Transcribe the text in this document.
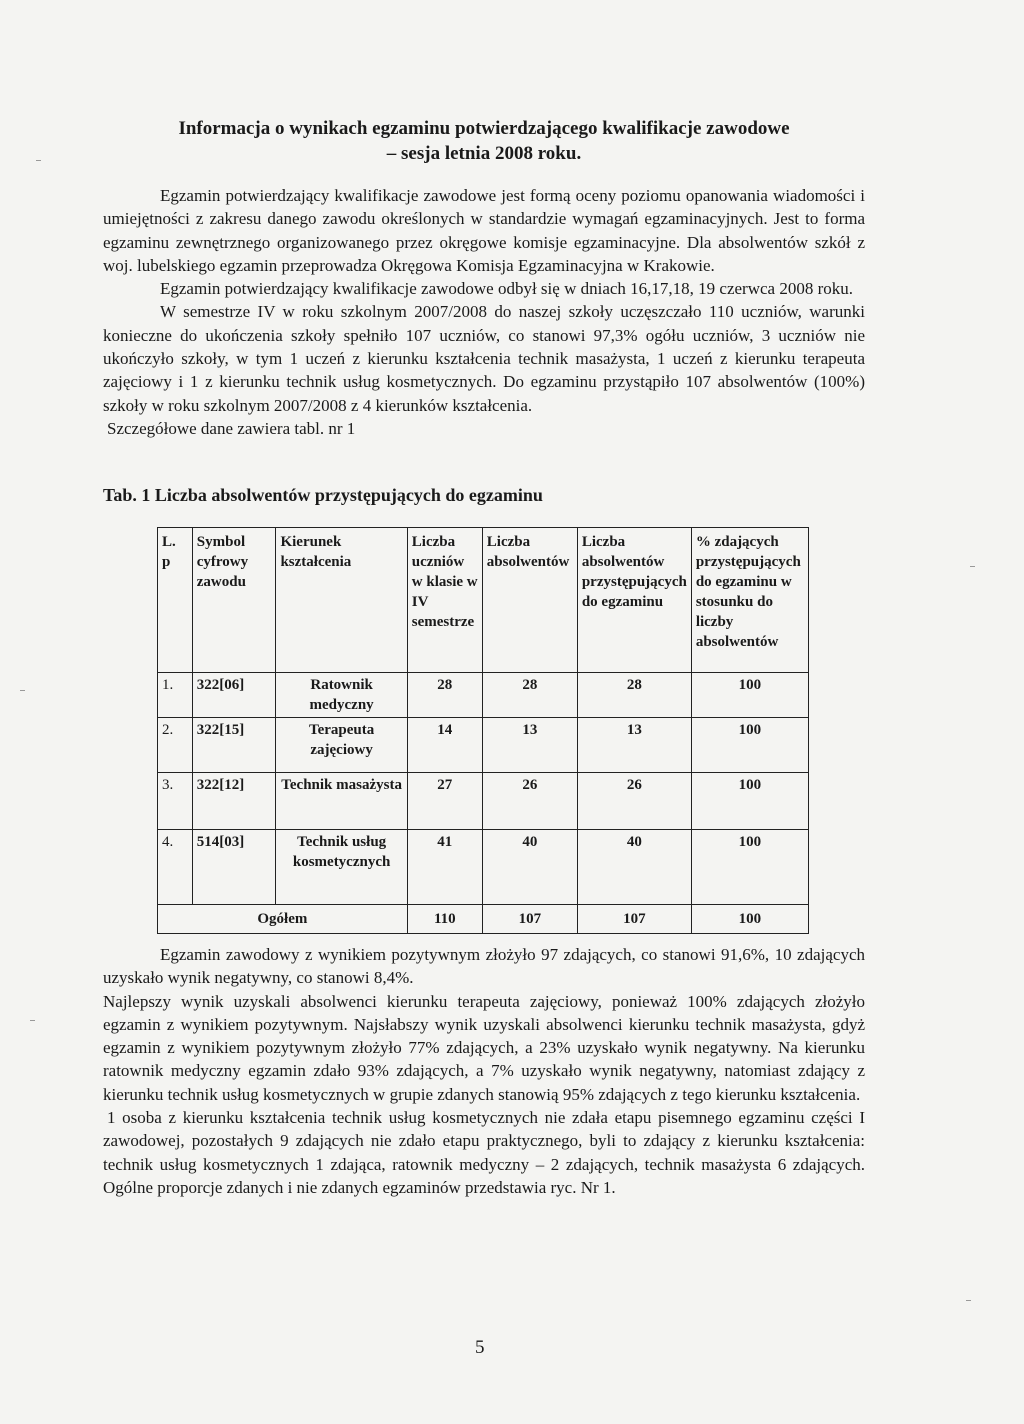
Informacja o wynikach egzaminu potwierdzającego kwalifikacje zawodowe
– sesja letnia 2008 roku.

Egzamin potwierdzający kwalifikacje zawodowe jest formą oceny poziomu opanowania wiadomości i umiejętności z zakresu danego zawodu określonych w standardzie wymagań egzaminacyjnych. Jest to forma egzaminu zewnętrznego organizowanego przez okręgowe komisje egzaminacyjne. Dla absolwentów szkół z woj. lubelskiego egzamin przeprowadza Okręgowa Komisja Egzaminacyjna w Krakowie.

Egzamin potwierdzający kwalifikacje zawodowe odbył się w dniach 16,17,18, 19 czerwca 2008 roku.

W semestrze IV w roku szkolnym 2007/2008 do naszej szkoły uczęszczało 110 uczniów, warunki konieczne do ukończenia szkoły spełniło 107 uczniów, co stanowi 97,3% ogółu uczniów, 3 uczniów nie ukończyło szkoły, w tym 1 uczeń z kierunku kształcenia technik masażysta, 1 uczeń z kierunku terapeuta zajęciowy i 1 z kierunku technik usług kosmetycznych. Do egzaminu przystąpiło 107 absolwentów (100%) szkoły w roku szkolnym 2007/2008 z 4 kierunków kształcenia.

Szczegółowe dane zawiera tabl. nr 1

Tab. 1 Liczba absolwentów przystępujących do egzaminu
L. p	Symbol cyfrowy zawodu	Kierunek kształcenia	Liczba uczniów w klasie w IV semestrze	Liczba absolwentów	Liczba absolwentów przystępujących do egzaminu	% zdających przystępujących do egzaminu w stosunku do liczby absolwentów
1.	322[06]	Ratownik medyczny	28	28	28	100
2.	322[15]	Terapeuta zajęciowy	14	13	13	100
3.	322[12]	Technik masażysta	27	26	26	100
4.	514[03]	Technik usług kosmetycznych	41	40	40	100
Ogółem			110	107	107	100

Egzamin zawodowy z wynikiem pozytywnym złożyło 97 zdających, co stanowi 91,6%, 10 zdających uzyskało wynik negatywny, co stanowi 8,4%.

Najlepszy wynik uzyskali absolwenci kierunku terapeuta zajęciowy, ponieważ 100% zdających złożyło egzamin z wynikiem pozytywnym. Najsłabszy wynik uzyskali absolwenci kierunku technik masażysta, gdyż egzamin z wynikiem pozytywnym złożyło 77% zdających, a 23% uzyskało wynik negatywny. Na kierunku ratownik medyczny egzamin zdało 93% zdających, a 7% uzyskało wynik negatywny, natomiast zdający z kierunku technik usług kosmetycznych w grupie zdanych stanowią 95% zdających z tego kierunku kształcenia.

1 osoba z kierunku kształcenia technik usług kosmetycznych nie zdała etapu pisemnego egzaminu części I zawodowej, pozostałych 9 zdających nie zdało etapu praktycznego, byli to zdający z kierunku kształcenia: technik usług kosmetycznych 1 zdająca, ratownik medyczny – 2 zdających, technik masażysta 6 zdających. Ogólne proporcje zdanych i nie zdanych egzaminów przedstawia ryc. Nr 1.

5
